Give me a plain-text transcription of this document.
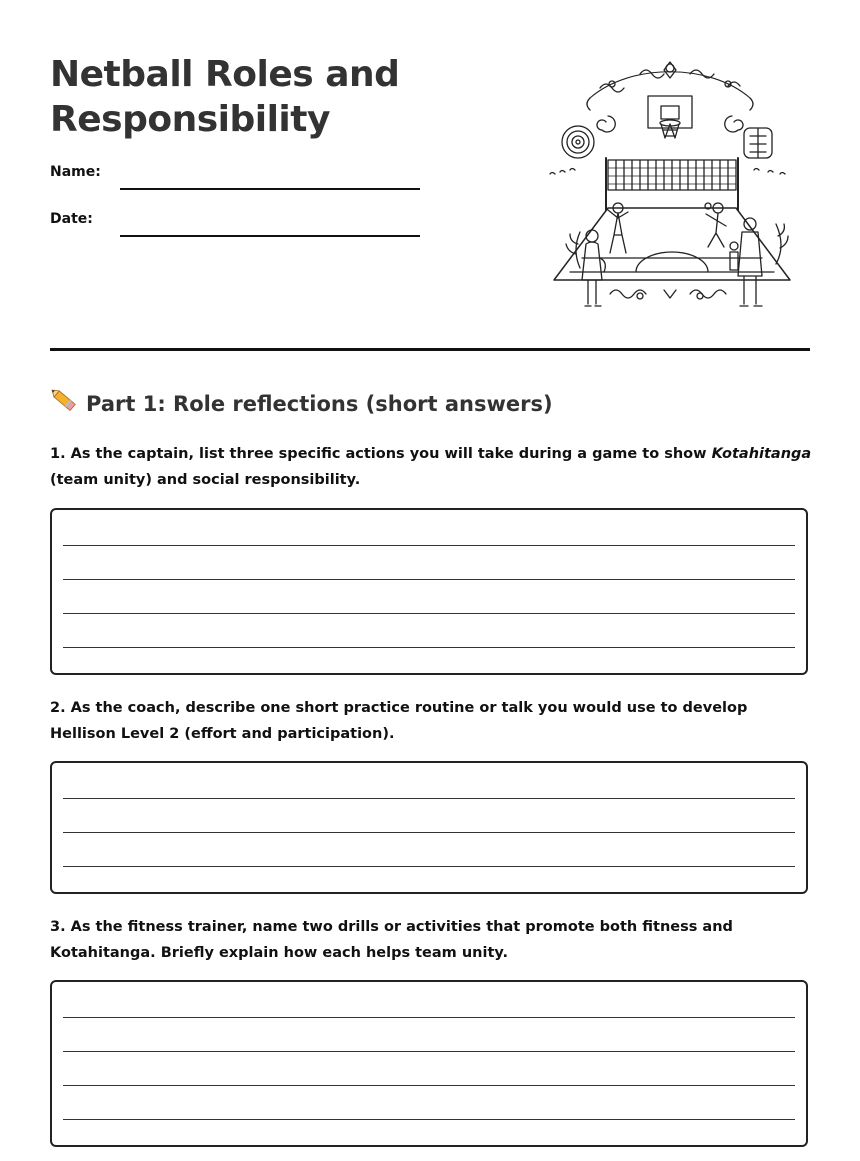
Netball Roles and
Responsibility
Name:
Date:
Part 1: Role reflections (short answers)

1. As the captain, list three specific actions you will take during a game to show Kotahitanga (team unity) and social responsibility.

2. As the coach, describe one short practice routine or talk you would use to develop Hellison Level 2 (effort and participation).

3. As the fitness trainer, name two drills or activities that promote both fitness and Kotahitanga. Briefly explain how each helps team unity.
